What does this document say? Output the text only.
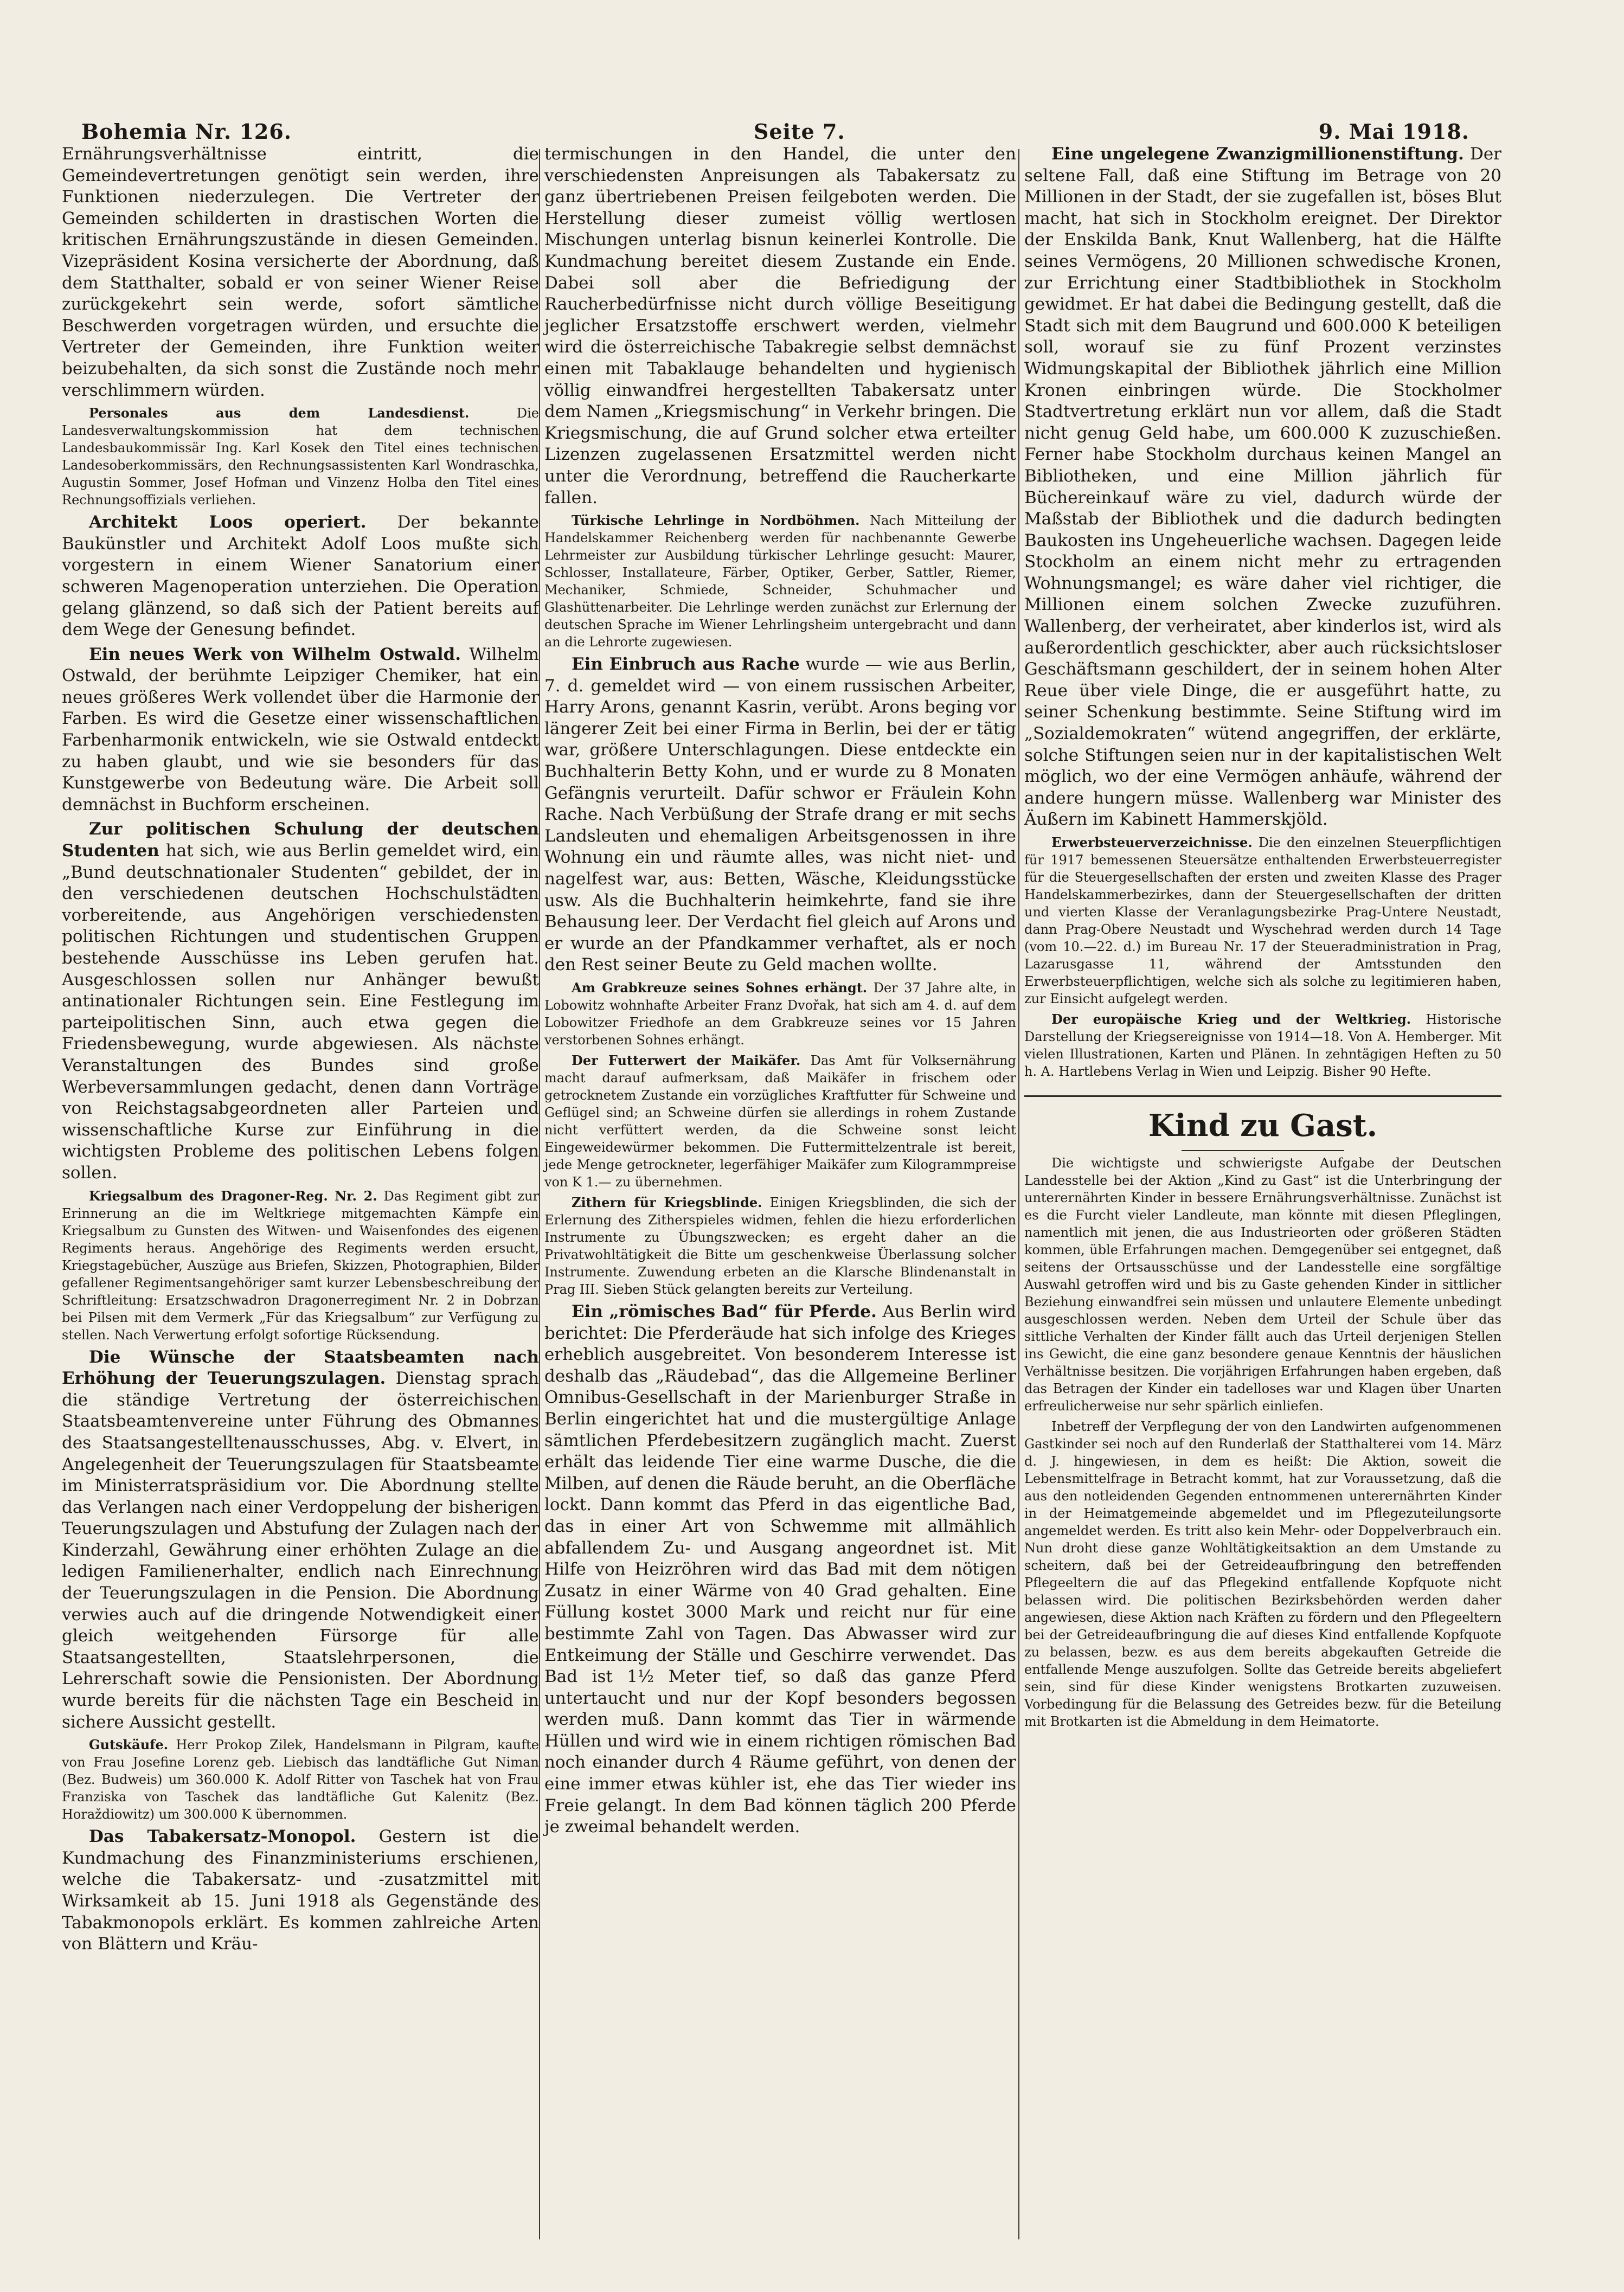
Bohemia Nr. 126.	Seite 7.	9. Mai 1918.

Ernährungsverhältnisse eintritt, die Gemeindevertretungen genötigt sein werden, ihre Funktionen niederzulegen. Die Vertreter der Gemeinden schilderten in drastischen Worten die kritischen Ernährungszustände in diesen Gemeinden. Vizepräsident Kosina versicherte der Abordnung, daß dem Statthalter, sobald er von seiner Wiener Reise zurückgekehrt sein werde, sofort sämtliche Beschwerden vorgetragen würden, und ersuchte die Vertreter der Gemeinden, ihre Funktion weiter beizubehalten, da sich sonst die Zustände noch mehr verschlimmern würden.

Personales aus dem Landesdienst.	Die Landesverwaltungskommission hat dem technischen Landesbaukommissär Ing. Karl Kosek den Titel eines technischen Landesoberkommissärs, den Rechnungsassistenten Karl Wondraschka, Augustin Sommer, Josef Hofman und Vinzenz Holba den Titel eines Rechnungsoffizials verliehen.

Architekt Loos operiert. Der bekannte Baukünstler und Architekt Adolf Loos mußte sich vorgestern in einem Wiener Sanatorium einer schweren Magenoperation unterziehen. Die Operation gelang glänzend, so daß sich der Patient bereits auf dem Wege der Genesung befindet.

Ein neues Werk von Wilhelm Ostwald. Wilhelm Ostwald, der berühmte Leipziger Chemiker, hat ein neues größeres Werk vollendet über die Harmonie der Farben. Es wird die Gesetze einer wissenschaftlichen Farbenharmonik entwickeln, wie sie Ostwald entdeckt zu haben glaubt, und wie sie besonders für das Kunstgewerbe von Bedeutung wäre. Die Arbeit soll demnächst in Buchform erscheinen.

Zur politischen Schulung der deutschen Studenten hat sich, wie aus Berlin gemeldet wird, ein „Bund deutschnationaler Studenten“ gebildet, der in den verschiedenen deutschen Hochschulstädten vorbereitende, aus Angehörigen verschiedensten politischen Richtungen und studentischen Gruppen bestehende Ausschüsse ins Leben gerufen hat. Ausgeschlossen sollen nur Anhänger bewußt antinationaler Richtungen sein. Eine Festlegung im parteipolitischen Sinn, auch etwa gegen die Friedensbewegung, wurde abgewiesen. Als nächste Veranstaltungen des Bundes sind große Werbeversammlungen gedacht, denen dann Vorträge von Reichstagsabgeordneten aller Parteien und wissenschaftliche Kurse zur Einführung in die wichtigsten Probleme des politischen Lebens folgen sollen.

Kriegsalbum des Dragoner-Reg. Nr. 2. Das Regiment gibt zur Erinnerung an die im Weltkriege mitgemachten Kämpfe ein Kriegsalbum zu Gunsten des Witwen- und Waisenfondes des eigenen Regiments heraus. Angehörige des Regiments werden ersucht, Kriegstagebücher, Auszüge aus Briefen, Skizzen, Photographien, Bilder gefallener Regimentsangehöriger samt kurzer Lebensbeschreibung der Schriftleitung: Ersatzschwadron Dragonerregiment Nr. 2 in Dobrzan bei Pilsen mit dem Vermerk „Für das Kriegsalbum“ zur Verfügung zu stellen. Nach Verwertung erfolgt sofortige Rücksendung.

Die Wünsche der Staatsbeamten nach Erhöhung der Teuerungszulagen. Dienstag sprach die ständige Vertretung der österreichischen Staatsbeamtenvereine unter Führung des Obmannes des Staatsangestelltenausschusses, Abg. v. Elvert, in Angelegenheit der Teuerungszulagen für Staatsbeamte im Ministerratspräsidium vor. Die Abordnung stellte das Verlangen nach einer Verdoppelung der bisherigen Teuerungszulagen und Abstufung der Zulagen nach der Kinderzahl, Gewährung einer erhöhten Zulage an die ledigen Familienerhalter, endlich nach Einrechnung der Teuerungszulagen in die Pension. Die Abordnung verwies auch auf die dringende Notwendigkeit einer gleich weitgehenden Fürsorge für alle Staatsangestellten, Staatslehrpersonen, die Lehrerschaft sowie die Pensionisten. Der Abordnung wurde bereits für die nächsten Tage ein Bescheid in sichere Aussicht gestellt.

Gutskäufe. Herr Prokop Zilek, Handelsmann in Pilgram, kaufte von Frau Josefine Lorenz geb. Liebisch das landtäfliche Gut Niman (Bez. Budweis) um 360.000 K. Adolf Ritter von Taschek hat von Frau Franziska von Taschek das landtäfliche Gut Kalenitz (Bez. Horaždiowitz) um 300.000 K übernommen.

Das Tabakersatz-Monopol. Gestern ist die Kundmachung des Finanzministeriums erschienen, welche die Tabakersatz- und -zusatzmittel mit Wirksamkeit ab 15. Juni 1918 als Gegenstände des Tabakmonopols erklärt. Es kommen zahlreiche Arten von Blättern und Kräu-

termischungen in den Handel, die unter den verschiedensten Anpreisungen als Tabakersatz zu ganz übertriebenen Preisen feilgeboten werden. Die Herstellung dieser zumeist völlig wertlosen Mischungen unterlag bisnun keinerlei Kontrolle. Die Kundmachung bereitet diesem Zustande ein Ende. Dabei soll aber die Befriedigung der Raucherbedürfnisse nicht durch völlige Beseitigung jeglicher Ersatzstoffe erschwert werden, vielmehr wird die österreichische Tabakregie selbst demnächst einen mit Tabaklauge behandelten und hygienisch völlig einwandfrei hergestellten Tabakersatz unter dem Namen „Kriegsmischung“ in Verkehr bringen. Die Kriegsmischung, die auf Grund solcher etwa erteilter Lizenzen zugelassenen Ersatzmittel werden nicht unter die Verordnung, betreffend die Raucherkarte fallen.

Türkische Lehrlinge in Nordböhmen. Nach Mitteilung der Handelskammer Reichenberg werden für nachbenannte Gewerbe Lehrmeister zur Ausbildung türkischer Lehrlinge gesucht: Maurer, Schlosser, Installateure, Färber, Optiker, Gerber, Sattler, Riemer, Mechaniker, Schmiede, Schneider, Schuhmacher und Glashüttenarbeiter. Die Lehrlinge werden zunächst zur Erlernung der deutschen Sprache im Wiener Lehrlingsheim untergebracht und dann an die Lehrorte zugewiesen.

Ein Einbruch aus Rache wurde — wie aus Berlin, 7. d. gemeldet wird — von einem russischen Arbeiter, Harry Arons, genannt Kasrin, verübt. Arons beging vor längerer Zeit bei einer Firma in Berlin, bei der er tätig war, größere Unterschlagungen. Diese entdeckte ein Buchhalterin Betty Kohn, und er wurde zu 8 Monaten Gefängnis verurteilt. Dafür schwor er Fräulein Kohn Rache. Nach Verbüßung der Strafe drang er mit sechs Landsleuten und ehemaligen Arbeitsgenossen in ihre Wohnung ein und räumte alles, was nicht niet- und nagelfest war, aus: Betten, Wäsche, Kleidungsstücke usw. Als die Buchhalterin heimkehrte, fand sie ihre Behausung leer. Der Verdacht fiel gleich auf Arons und er wurde an der Pfandkammer verhaftet, als er noch den Rest seiner Beute zu Geld machen wollte.

Am Grabkreuze seines Sohnes erhängt. Der 37 Jahre alte, in Lobowitz wohnhafte Arbeiter Franz Dvořak, hat sich am 4. d. auf dem Lobowitzer Friedhofe an dem Grabkreuze seines vor 15 Jahren verstorbenen Sohnes erhängt.

Der Futterwert der Maikäfer. Das Amt für Volksernährung macht darauf aufmerksam, daß Maikäfer in frischem oder getrocknetem Zustande ein vorzügliches Kraftfutter für Schweine und Geflügel sind; an Schweine dürfen sie allerdings in rohem Zustande nicht verfüttert werden, da die Schweine sonst leicht Eingeweidewürmer bekommen. Die Futtermittelzentrale ist bereit, jede Menge getrockneter, legerfähiger Maikäfer zum Kilogrammpreise von K 1.— zu übernehmen.

Zithern für Kriegsblinde. Einigen Kriegsblinden, die sich der Erlernung des Zitherspieles widmen, fehlen die hiezu erforderlichen Instrumente zu Übungszwecken; es ergeht daher an die Privatwohltätigkeit die Bitte um geschenkweise Überlassung solcher Instrumente. Zuwendung erbeten an die Klarsche Blindenanstalt in Prag III. Sieben Stück gelangten bereits zur Verteilung.

Ein „römisches Bad“ für Pferde. Aus Berlin wird berichtet: Die Pferderäude hat sich infolge des Krieges erheblich ausgebreitet. Von besonderem Interesse ist deshalb das „Räudebad“, das die Allgemeine Berliner Omnibus-Gesellschaft in der Marienburger Straße in Berlin eingerichtet hat und die mustergültige Anlage sämtlichen Pferdebesitzern zugänglich macht. Zuerst erhält das leidende Tier eine warme Dusche, die die Milben, auf denen die Räude beruht, an die Oberfläche lockt. Dann kommt das Pferd in das eigentliche Bad, das in einer Art von Schwemme mit allmählich abfallendem Zu- und Ausgang angeordnet ist. Mit Hilfe von Heizröhren wird das Bad mit dem nötigen Zusatz in einer Wärme von 40 Grad gehalten. Eine Füllung kostet 3000 Mark und reicht nur für eine bestimmte Zahl von Tagen. Das Abwasser wird zur Entkeimung der Ställe und Geschirre verwendet. Das Bad ist 1½ Meter tief, so daß das ganze Pferd untertaucht und nur der Kopf besonders begossen werden muß. Dann kommt das Tier in wärmende Hüllen und wird wie in einem richtigen römischen Bad noch einander durch 4 Räume geführt, von denen der eine immer etwas kühler ist, ehe das Tier wieder ins Freie gelangt. In dem Bad können täglich 200 Pferde je zweimal behandelt werden.

Eine ungelegene Zwanzigmillionenstiftung. Der seltene Fall, daß eine Stiftung im Betrage von 20 Millionen in der Stadt, der sie zugefallen ist, böses Blut macht, hat sich in Stockholm ereignet. Der Direktor der Enskilda Bank, Knut Wallenberg, hat die Hälfte seines Vermögens, 20 Millionen schwedische Kronen, zur Errichtung einer Stadtbibliothek in Stockholm gewidmet. Er hat dabei die Bedingung gestellt, daß die Stadt sich mit dem Baugrund und 600.000 K beteiligen soll, worauf sie zu fünf Prozent verzinstes Widmungskapital der Bibliothek jährlich eine Million Kronen einbringen würde. Die Stockholmer Stadtvertretung erklärt nun vor allem, daß die Stadt nicht genug Geld habe, um 600.000 K zuzuschießen. Ferner habe Stockholm durchaus keinen Mangel an Bibliotheken, und eine Million jährlich für Büchereinkauf wäre zu viel, dadurch würde der Maßstab der Bibliothek und die dadurch bedingten Baukosten ins Ungeheuerliche wachsen. Dagegen leide Stockholm an einem nicht mehr zu ertragenden Wohnungsmangel; es wäre daher viel richtiger, die Millionen einem solchen Zwecke zuzuführen. Wallenberg, der verheiratet, aber kinderlos ist, wird als außerordentlich geschickter, aber auch rücksichtsloser Geschäftsmann geschildert, der in seinem hohen Alter Reue über viele Dinge, die er ausgeführt hatte, zu seiner Schenkung bestimmte. Seine Stiftung wird im „Sozialdemokraten“ wütend angegriffen, der erklärte, solche Stiftungen seien nur in der kapitalistischen Welt möglich, wo der eine Vermögen anhäufe, während der andere hungern müsse. Wallenberg war Minister des Äußern im Kabinett Hammerskjöld.

Erwerbsteuerverzeichnisse. Die den einzelnen Steuerpflichtigen für 1917 bemessenen Steuersätze enthaltenden Erwerbsteuerregister für die Steuergesellschaften der ersten und zweiten Klasse des Prager Handelskammerbezirkes, dann der Steuergesellschaften der dritten und vierten Klasse der Veranlagungsbezirke Prag-Untere Neustadt, dann Prag-Obere Neustadt und Wyschehrad werden durch 14 Tage (vom 10.—22. d.) im Bureau Nr. 17 der Steueradministration in Prag, Lazarusgasse 11, während der Amtsstunden den Erwerbsteuerpflichtigen, welche sich als solche zu legitimieren haben, zur Einsicht aufgelegt werden.

Der europäische Krieg und der Weltkrieg. Historische Darstellung der Kriegsereignisse von 1914—18. Von A. Hemberger. Mit vielen Illustrationen, Karten und Plänen. In zehntägigen Heften zu 50 h. A. Hartlebens Verlag in Wien und Leipzig. Bisher 90 Hefte.

Kind zu Gast.

Die wichtigste und schwierigste Aufgabe der Deutschen Landesstelle bei der Aktion „Kind zu Gast“ ist die Unterbringung der unterernährten Kinder in bessere Ernährungsverhältnisse. Zunächst ist es die Furcht vieler Landleute, man könnte mit diesen Pfleglingen, namentlich mit jenen, die aus Industrieorten oder größeren Städten kommen, üble Erfahrungen machen. Demgegenüber sei entgegnet, daß seitens der Ortsausschüsse und der Landesstelle eine sorgfältige Auswahl getroffen wird und bis zu Gaste gehenden Kinder in sittlicher Beziehung einwandfrei sein müssen und unlautere Elemente unbedingt ausgeschlossen werden. Neben dem Urteil der Schule über das sittliche Verhalten der Kinder fällt auch das Urteil derjenigen Stellen ins Gewicht, die eine ganz besondere genaue Kenntnis der häuslichen Verhältnisse besitzen. Die vorjährigen Erfahrungen haben ergeben, daß das Betragen der Kinder ein tadelloses war und Klagen über Unarten erfreulicherweise nur sehr spärlich einliefen.

Inbetreff der Verpflegung der von den Landwirten aufgenommenen Gastkinder sei noch auf den Runderlaß der Statthalterei vom 14. März d. J. hingewiesen, in dem es heißt: Die Aktion, soweit die Lebensmittelfrage in Betracht kommt, hat zur Voraussetzung, daß die aus den notleidenden Gegenden entnommenen unterernährten Kinder in der Heimatgemeinde abgemeldet und im Pflegezuteilungsorte angemeldet werden. Es tritt also kein Mehr- oder Doppelverbrauch ein. Nun droht diese ganze Wohltätigkeitsaktion an dem Umstande zu scheitern, daß bei der Getreideaufbringung den betreffenden Pflegeeltern die auf das Pflegekind entfallende Kopfquote nicht belassen wird. Die politischen Bezirksbehörden werden daher angewiesen, diese Aktion nach Kräften zu fördern und den Pflegeeltern bei der Getreideaufbringung die auf dieses Kind entfallende Kopfquote zu belassen, bezw. es aus dem bereits abgekauften Getreide die entfallende Menge auszufolgen. Sollte das Getreide bereits abgeliefert sein, sind für diese Kinder wenigstens Brotkarten zuzuweisen. Vorbedingung für die Belassung des Getreides bezw. für die Beteilung mit Brotkarten ist die Abmeldung in dem Heimatorte.
